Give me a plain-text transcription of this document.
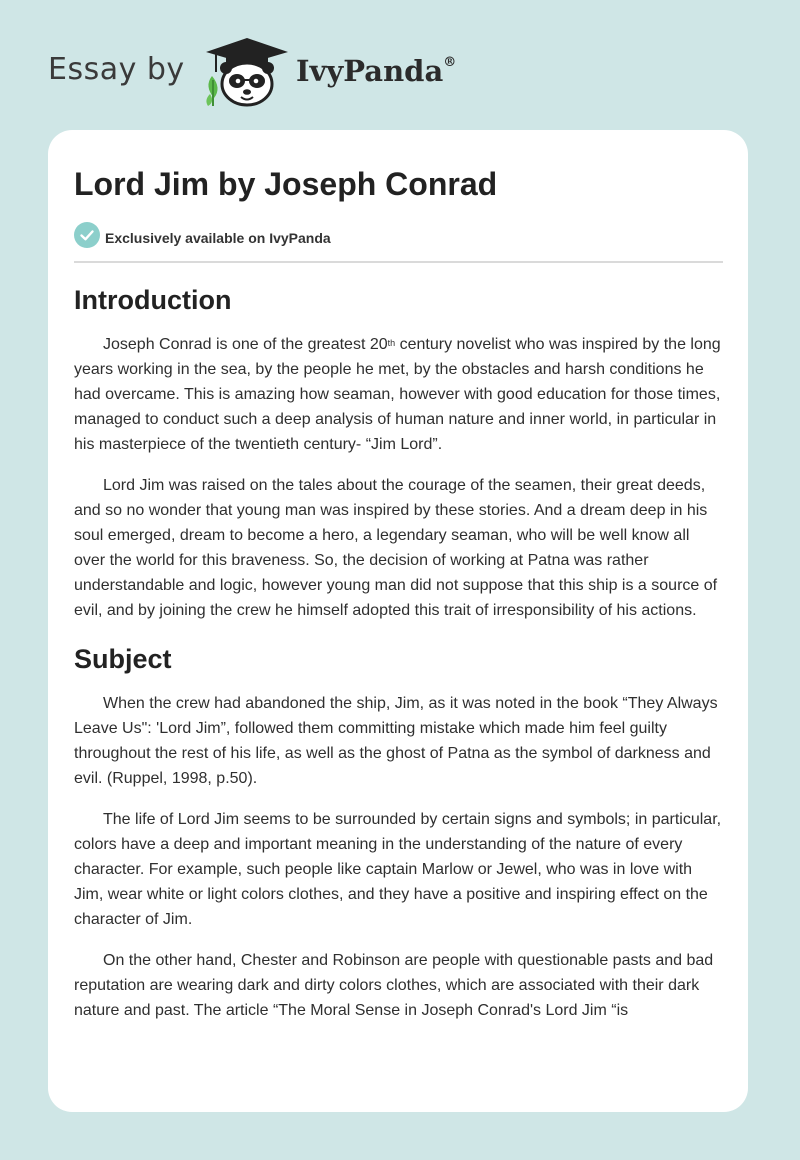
Essay by	IvyPanda®
Lord Jim by Joseph Conrad
Exclusively available on IvyPanda
Introduction

Joseph Conrad is one of the greatest 20th century novelist who was inspired by the long years working in the sea, by the people he met, by the obstacles and harsh conditions he had overcame. This is amazing how seaman, however with good education for those times, managed to conduct such a deep analysis of human nature and inner world, in particular in his masterpiece of the twentieth century- “Jim Lord”.

Lord Jim was raised on the tales about the courage of the seamen, their great deeds, and so no wonder that young man was inspired by these stories. And a dream deep in his soul emerged, dream to become a hero, a legendary seaman, who will be well know all over the world for this braveness. So, the decision of working at Patna was rather understandable and logic, however young man did not suppose that this ship is a source of evil, and by joining the crew he himself adopted this trait of irresponsibility of his actions.

Subject

When the crew had abandoned the ship, Jim, as it was noted in the book “They Always Leave Us": 'Lord Jim”, followed them committing mistake which made him feel guilty throughout the rest of his life, as well as the ghost of Patna as the symbol of darkness and evil. (Ruppel, 1998, p.50).

The life of Lord Jim seems to be surrounded by certain signs and symbols; in particular, colors have a deep and important meaning in the understanding of the nature of every character. For example, such people like captain Marlow or Jewel, who was in love with Jim, wear white or light colors clothes, and they have a positive and inspiring effect on the character of Jim.

On the other hand, Chester and Robinson are people with questionable pasts and bad reputation are wearing dark and dirty colors clothes, which are associated with their dark nature and past. The article “The Moral Sense in Joseph Conrad's Lord Jim “is
